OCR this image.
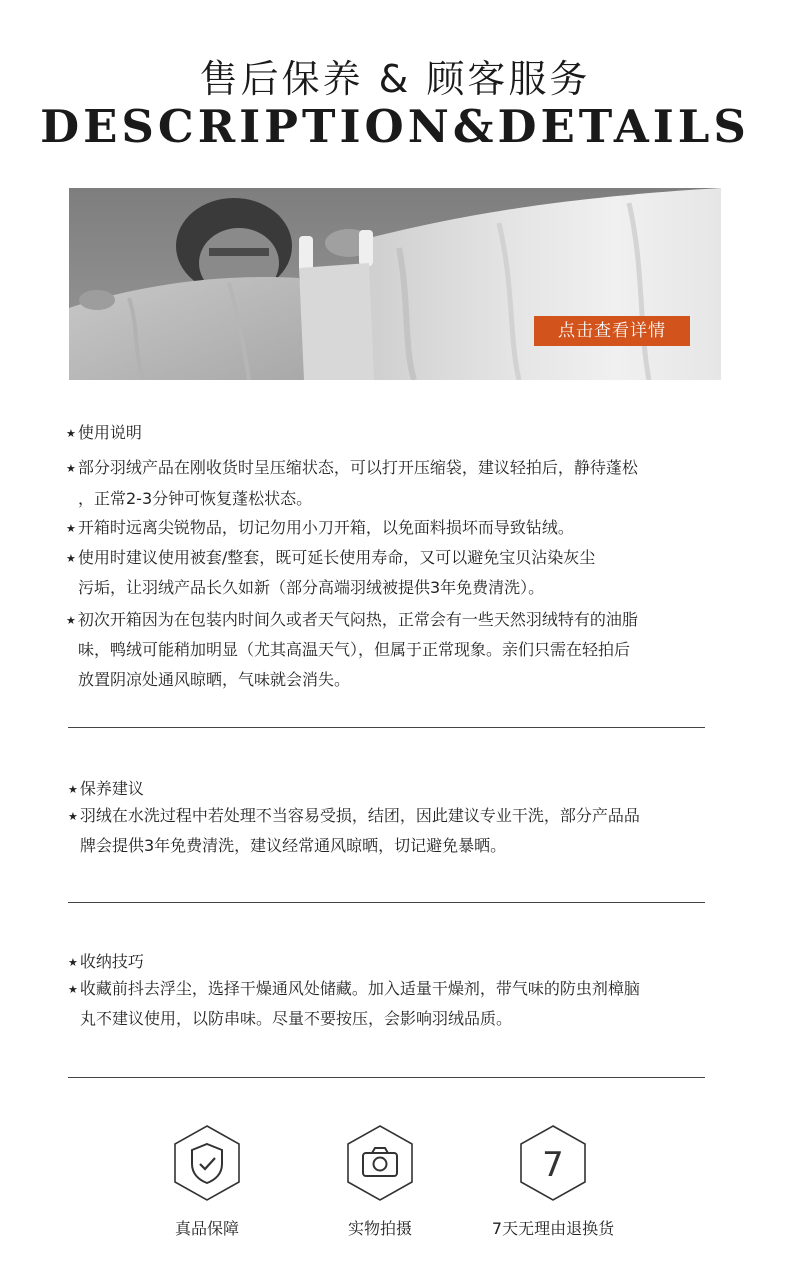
售后保养 & 顾客服务
DESCRIPTION&DETAILS
点击查看详情
★ 使用说明
★ 部分羽绒产品在刚收货时呈压缩状态，可以打开压缩袋，建议轻拍后，静待蓬松
，正常2-3分钟可恢复蓬松状态。
★ 开箱时远离尖锐物品，切记勿用小刀开箱，以免面料损坏而导致钻绒。
★ 使用时建议使用被套/整套，既可延长使用寿命，又可以避免宝贝沾染灰尘
污垢，让羽绒产品长久如新（部分高端羽绒被提供3年免费清洗）。
★ 初次开箱因为在包装内时间久或者天气闷热，正常会有一些天然羽绒特有的油脂
味，鸭绒可能稍加明显（尤其高温天气），但属于正常现象。亲们只需在轻拍后
放置阴凉处通风晾晒，气味就会消失。
★ 保养建议
★ 羽绒在水洗过程中若处理不当容易受损，结团，因此建议专业干洗，部分产品品
牌会提供3年免费清洗，建议经常通风晾晒，切记避免暴晒。
★ 收纳技巧
★ 收藏前抖去浮尘，选择干燥通风处储藏。加入适量干燥剂，带气味的防虫剂樟脑
丸不建议使用，以防串味。尽量不要按压，会影响羽绒品质。
真品保障	实物拍摄
7
7天无理由退换货
